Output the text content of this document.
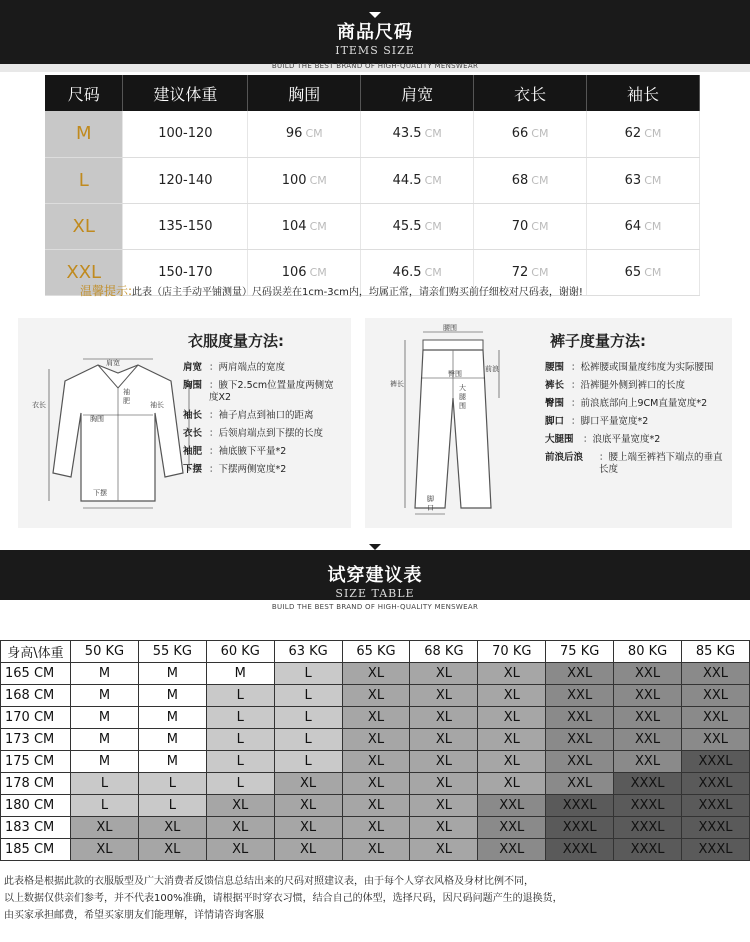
商品尺码
ITEMS SIZE
BUILD THE BEST BRAND OF HIGH-QUALITY MENSWEAR
尺码	建议体重	胸围	肩宽	衣长	袖长
M	100-120	96 CM	43.5 CM	66 CM	62 CM
L	120-140	100 CM	44.5 CM	68 CM	63 CM
XL	135-150	104 CM	45.5 CM	70 CM	64 CM
XXL	150-170	106 CM	46.5 CM	72 CM	65 CM
温馨提示:此表（店主手动平铺测量）尺码误差在1cm-3cm内，均属正常，请亲们购买前仔细校对尺码表，谢谢!
肩宽
袖肥
衣长	袖长
胸围
下摆
衣服度量方法:
肩宽 ：两肩端点的宽度
胸围 ：腋下2.5cm位置量度两侧宽度X2
袖长 ：袖子肩点到袖口的距离
衣长 ：后领肩端点到下摆的长度
袖肥 ：袖底腋下平量*2
下摆 ：下摆两侧宽度*2
腰围
臀围
前浪
裤长	大腿围
脚口
裤子度量方法:
腰围 ：松裤腰或围量度纬度为实际腰围
裤长 ：沿裤腿外侧到裤口的长度
臀围 ：前浪底部向上9CM直量宽度*2
脚口 ：脚口平量宽度*2
大腿围 ：浪底平量宽度*2
前浪后浪	：腰上端至裤裆下端点的垂直长度
试穿建议表
SIZE TABLE
BUILD THE BEST BRAND OF HIGH-QUALITY MENSWEAR
身高\体重	50 KG	55 KG	60 KG	63 KG	65 KG	68 KG	70 KG	75 KG	80 KG	85 KG
165 CM	M	M	M	L	XL	XL	XL	XXL	XXL	XXL
168 CM	M	M	L	L	XL	XL	XL	XXL	XXL	XXL
170 CM	M	M	L	L	XL	XL	XL	XXL	XXL	XXL
173 CM	M	M	L	L	XL	XL	XL	XXL	XXL	XXL
175 CM	M	M	L	L	XL	XL	XL	XXL	XXL	XXXL
178 CM	L	L	L	XL	XL	XL	XL	XXL	XXXL	XXXL
180 CM	L	L	XL	XL	XL	XL	XXL	XXXL	XXXL	XXXL
183 CM	XL	XL	XL	XL	XL	XL	XXL	XXXL	XXXL	XXXL
185 CM	XL	XL	XL	XL	XL	XL	XXL	XXXL	XXXL	XXXL
此表格是根据此款的衣服版型及广大消费者反馈信息总结出来的尺码对照建议表，由于每个人穿衣风格及身材比例不同，
以上数据仅供亲们参考，并不代表100%准确，请根据平时穿衣习惯，结合自己的体型，选择尺码，因尺码问题产生的退换货，
由买家承担邮费，希望买家朋友们能理解，详情请咨询客服
